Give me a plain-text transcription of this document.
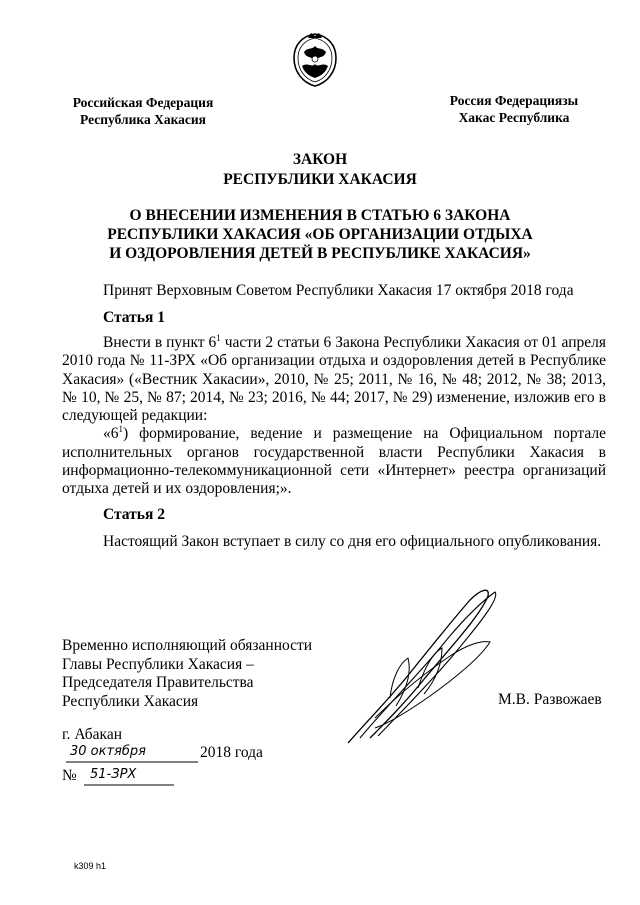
Российская Федерация
Республика Хакасия
Россия Федерациязы
Хакас Республика
ЗАКОН
РЕСПУБЛИКИ ХАКАСИЯ
О ВНЕСЕНИИ ИЗМЕНЕНИЯ В СТАТЬЮ 6 ЗАКОНА
РЕСПУБЛИКИ ХАКАСИЯ «ОБ ОРГАНИЗАЦИИ ОТДЫХА
И ОЗДОРОВЛЕНИЯ ДЕТЕЙ В РЕСПУБЛИКЕ ХАКАСИЯ»
Принят Верховным Советом Республики Хакасия 17 октября 2018 года
Статья 1

Внести в пункт $6^1$ части 2 статьи 6 Закона Республики Хакасия от 01 апреля 2010 года № 11-ЗРХ «Об организации отдыха и оздоровления детей в Республике Хакасия» («Вестник Хакасии», 2010, № 25; 2011, № 16, № 48; 2012, № 38; 2013, № 10, № 25, № 87; 2014, № 23; 2016, № 44; 2017, № 29) изменение, изложив его в следующей редакции:

«$6^1$) формирование, ведение и размещение на Официальном портале исполнительных органов государственной власти Республики Хакасия в информационно-телекоммуникационной сети «Интернет» реестра организаций отдыха детей и их оздоровления;».

Статья 2
Настоящий Закон вступает в силу со дня его официального опубликования.
Временно исполняющий обязанности
Главы Республики Хакасия –
Председателя Правительства
Республики Хакасия	М.В. Развожаев
г. Абакан
30 октября	2018 года
№ 51-ЗРХ
k309 h1
